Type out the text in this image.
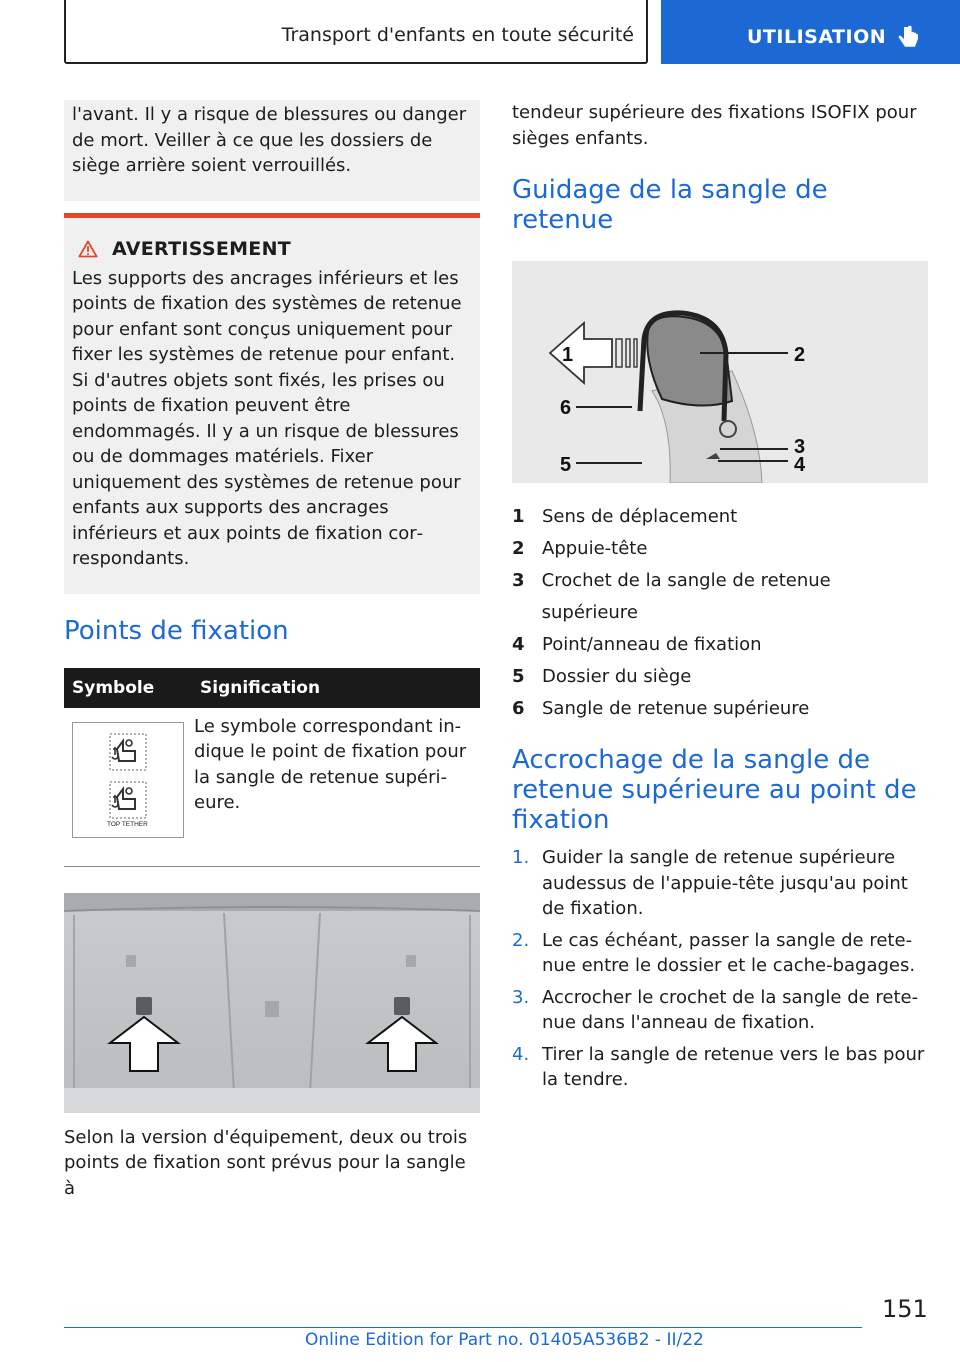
Transport d'enfants en toute sécurité	UTILISATION

l'avant. Il y a risque de blessures ou danger de mort. Veiller à ce que les dossiers de siège arrière soient verrouillés.

AVERTISSEMENT

Les supports des ancrages inférieurs et les points de fixation des systèmes de retenue pour enfant sont conçus uniquement pour fixer les systèmes de retenue pour enfant. Si d'autres objets sont fixés, les prises ou points de fixation peuvent être endommagés. Il y a un risque de blessures ou de dommages matériels. Fixer uniquement des systèmes de retenue pour enfants aux supports des ancrages inférieurs et aux points de fixation correspondants.

Points de fixation
Symbole	Signification

TOP TETHER	Le symbole correspondant indique le point de fixation pour la sangle de retenue supérieure.

Selon la version d'équipement, deux ou trois points de fixation sont prévus pour la sangle à

tendeur supérieure des fixations ISOFIX pour sièges enfants.

Guidage de la sangle de retenue
1	2
3
4
5
6
1 Sens de déplacement
2 Appuie-tête
3 Crochet de la sangle de retenue supérieure
4 Point/anneau de fixation
5 Dossier du siège
6 Sangle de retenue supérieure
Accrochage de la sangle de retenue supérieure au point de fixation
1. Guider la sangle de retenue supérieure audessus de l'appuie-tête jusqu'au point de fixation.
2. Le cas échéant, passer la sangle de retenue entre le dossier et le cache-bagages.
3. Accrocher le crochet de la sangle de retenue dans l'anneau de fixation.
4. Tirer la sangle de retenue vers le bas pour la tendre.
151
Online Edition for Part no. 01405A536B2 - II/22
